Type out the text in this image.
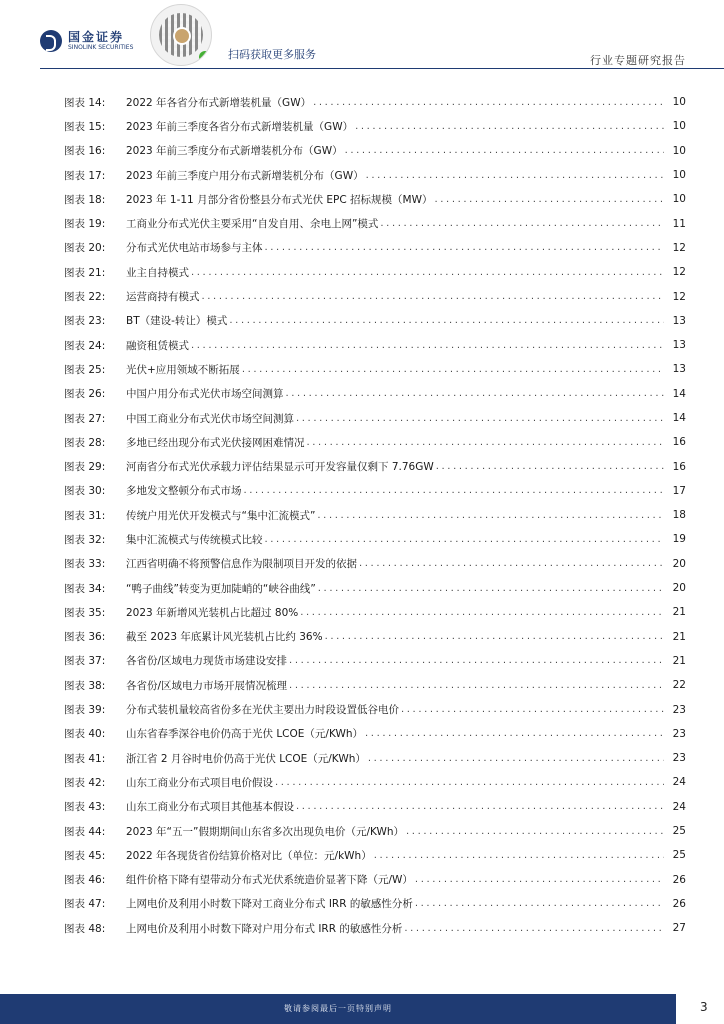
国金证券
SINOLINK SECURITIES
扫码获取更多服务	行业专题研究报告
图表 14:	2022 年各省分布式新增装机量（GW） .....	10
图表 15:	2023 年前三季度各省分布式新增装机量（GW） .....	10
图表 16:	2023 年前三季度分布式新增装机分布（GW） .....	10
图表 17:	2023 年前三季度户用分布式新增装机分布（GW） .....	10
图表 18:	2023 年 1-11 月部分省份整县分布式光伏 EPC 招标规模（MW） .....	10
图表 19:	工商业分布式光伏主要采用“自发自用、余电上网”模式 .....	11
图表 20:	分布式光伏电站市场参与主体 .....	12
图表 21:	业主自持模式 .....	12
图表 22:	运营商持有模式 .....	12
图表 23:	BT（建设-转让）模式 .....	13
图表 24:	融资租赁模式 .....	13
图表 25:	光伏+应用领域不断拓展 .....	13
图表 26:	中国户用分布式光伏市场空间测算 .....	14
图表 27:	中国工商业分布式光伏市场空间测算 .....	14
图表 28:	多地已经出现分布式光伏接网困难情况 .....	16
图表 29:	河南省分布式光伏承载力评估结果显示可开发容量仅剩下 7.76GW .....	16
图表 30:	多地发文整顿分布式市场 .....	17
图表 31:	传统户用光伏开发模式与“集中汇流模式” .....	18
图表 32:	集中汇流模式与传统模式比较 .....	19
图表 33:	江西省明确不将预警信息作为限制项目开发的依据 .....	20
图表 34:	“鸭子曲线”转变为更加陡峭的“峡谷曲线” .....	20
图表 35:	2023 年新增风光装机占比超过 80% .....	21
图表 36:	截至 2023 年底累计风光装机占比约 36% .....	21
图表 37:	各省份/区域电力现货市场建设安排 .....	21
图表 38:	各省份/区域电力市场开展情况梳理 .....	22
图表 39:	分布式装机量较高省份多在光伏主要出力时段设置低谷电价 .....	23
图表 40:	山东省春季深谷电价仍高于光伏 LCOE（元/KWh） .....	23
图表 41:	浙江省 2 月谷时电价仍高于光伏 LCOE（元/KWh） .....	23
图表 42:	山东工商业分布式项目电价假设 .....	24
图表 43:	山东工商业分布式项目其他基本假设 .....	24
图表 44:	2023 年“五一”假期期间山东省多次出现负电价（元/KWh） .....	25
图表 45:	2022 年各现货省份结算价格对比（单位：元/kWh） .....	25
图表 46:	组件价格下降有望带动分布式光伏系统造价显著下降（元/W） .....	26
图表 47:	上网电价及利用小时数下降对工商业分布式 IRR 的敏感性分析 .....	26
图表 48:	上网电价及利用小时数下降对户用分布式 IRR 的敏感性分析 .....	27
敬请参阅最后一页特别声明	3
